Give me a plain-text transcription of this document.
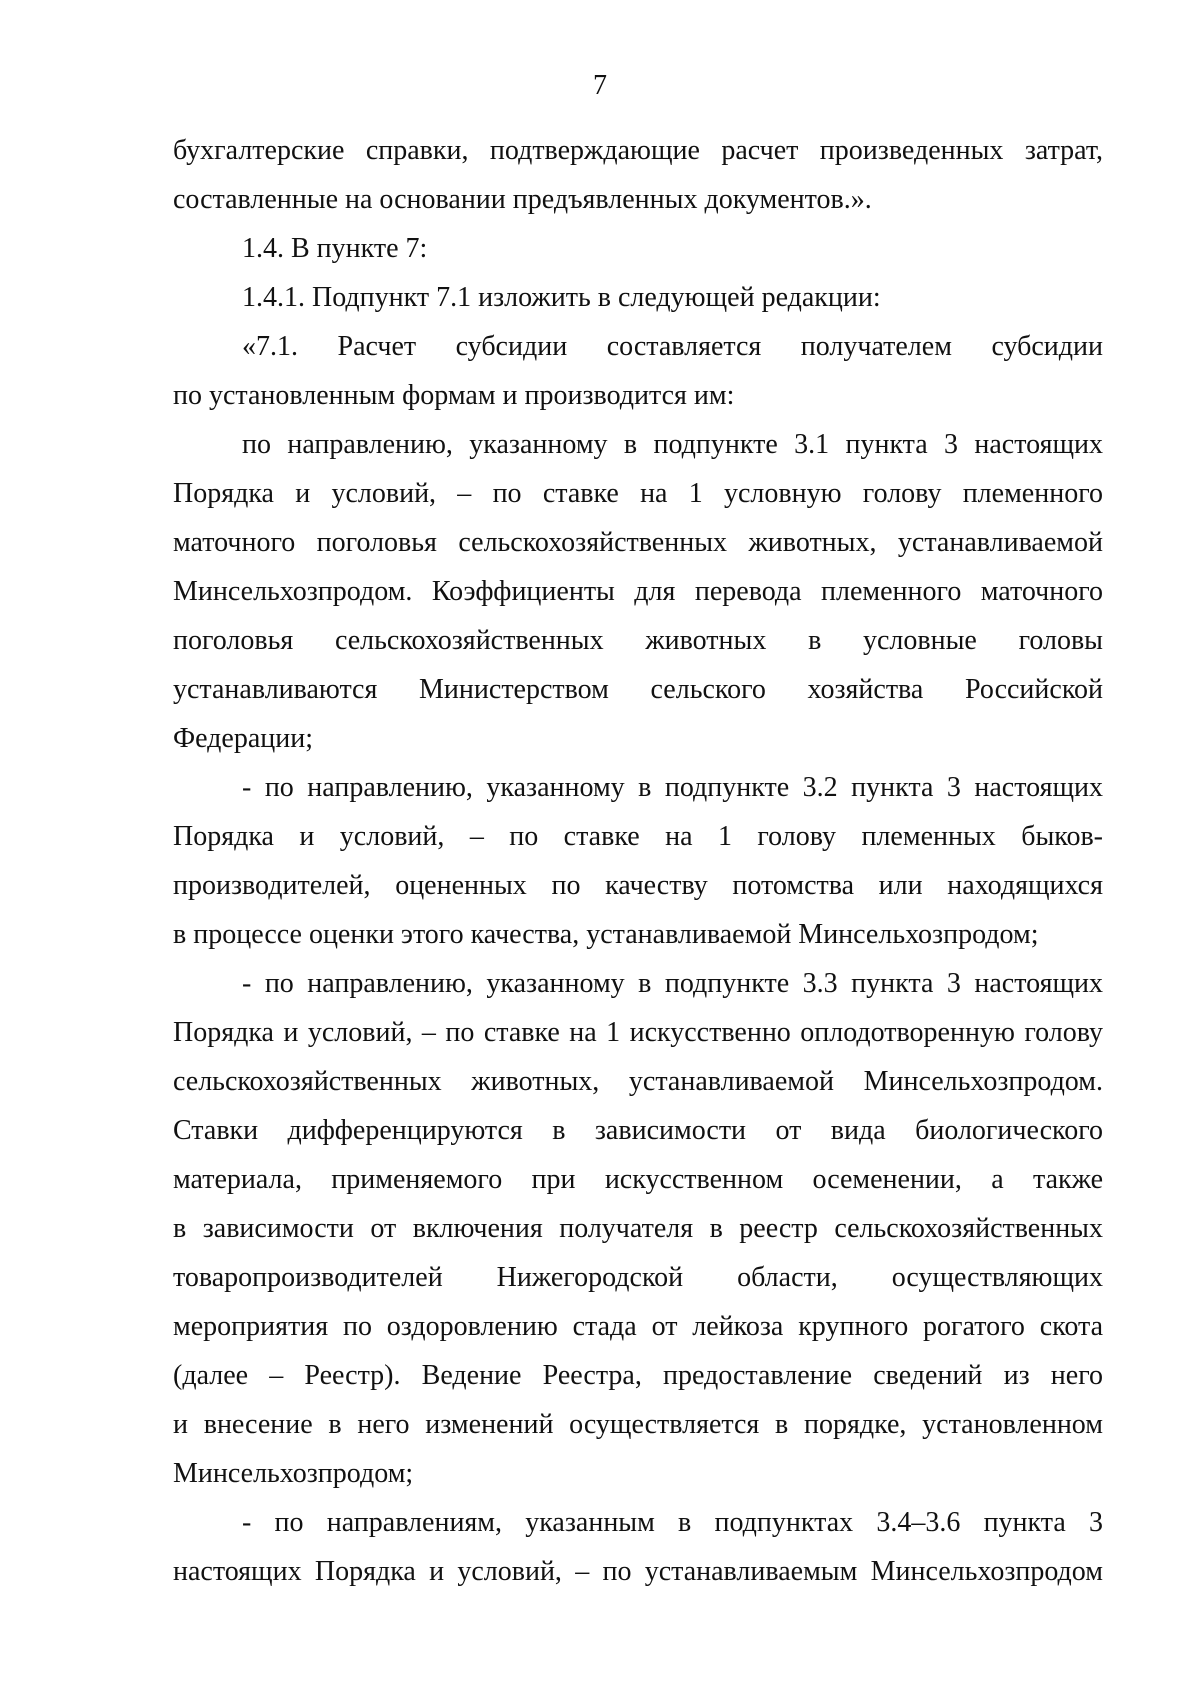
7
бухгалтерские справки, подтверждающие расчет произведенных затрат,
составленные на основании предъявленных документов.».
1.4. В пункте 7:
1.4.1. Подпункт 7.1 изложить в следующей редакции:
«7.1. Расчет субсидии составляется получателем субсидии
по установленным формам и производится им:
по направлению, указанному в подпункте 3.1 пункта 3 настоящих
Порядка и условий, – по ставке на 1 условную голову племенного
маточного поголовья сельскохозяйственных животных, устанавливаемой
Минсельхозпродом. Коэффициенты для перевода племенного маточного
поголовья сельскохозяйственных животных в условные головы
устанавливаются Министерством сельского хозяйства Российской
Федерации;
- по направлению, указанному в подпункте 3.2 пункта 3 настоящих
Порядка и условий, – по ставке на 1 голову племенных быков-
производителей, оцененных по качеству потомства или находящихся
в процессе оценки этого качества, устанавливаемой Минсельхозпродом;
- по направлению, указанному в подпункте 3.3 пункта 3 настоящих
Порядка и условий, – по ставке на 1 искусственно оплодотворенную голову
сельскохозяйственных животных, устанавливаемой Минсельхозпродом.
Ставки дифференцируются в зависимости от вида биологического
материала, применяемого при искусственном осеменении, а также
в зависимости от включения получателя в реестр сельскохозяйственных
товаропроизводителей Нижегородской области, осуществляющих
мероприятия по оздоровлению стада от лейкоза крупного рогатого скота
(далее – Реестр). Ведение Реестра, предоставление сведений из него
и внесение в него изменений осуществляется в порядке, установленном
Минсельхозпродом;
- по направлениям, указанным в подпунктах 3.4–3.6 пункта 3
настоящих Порядка и условий, – по устанавливаемым Минсельхозпродом
